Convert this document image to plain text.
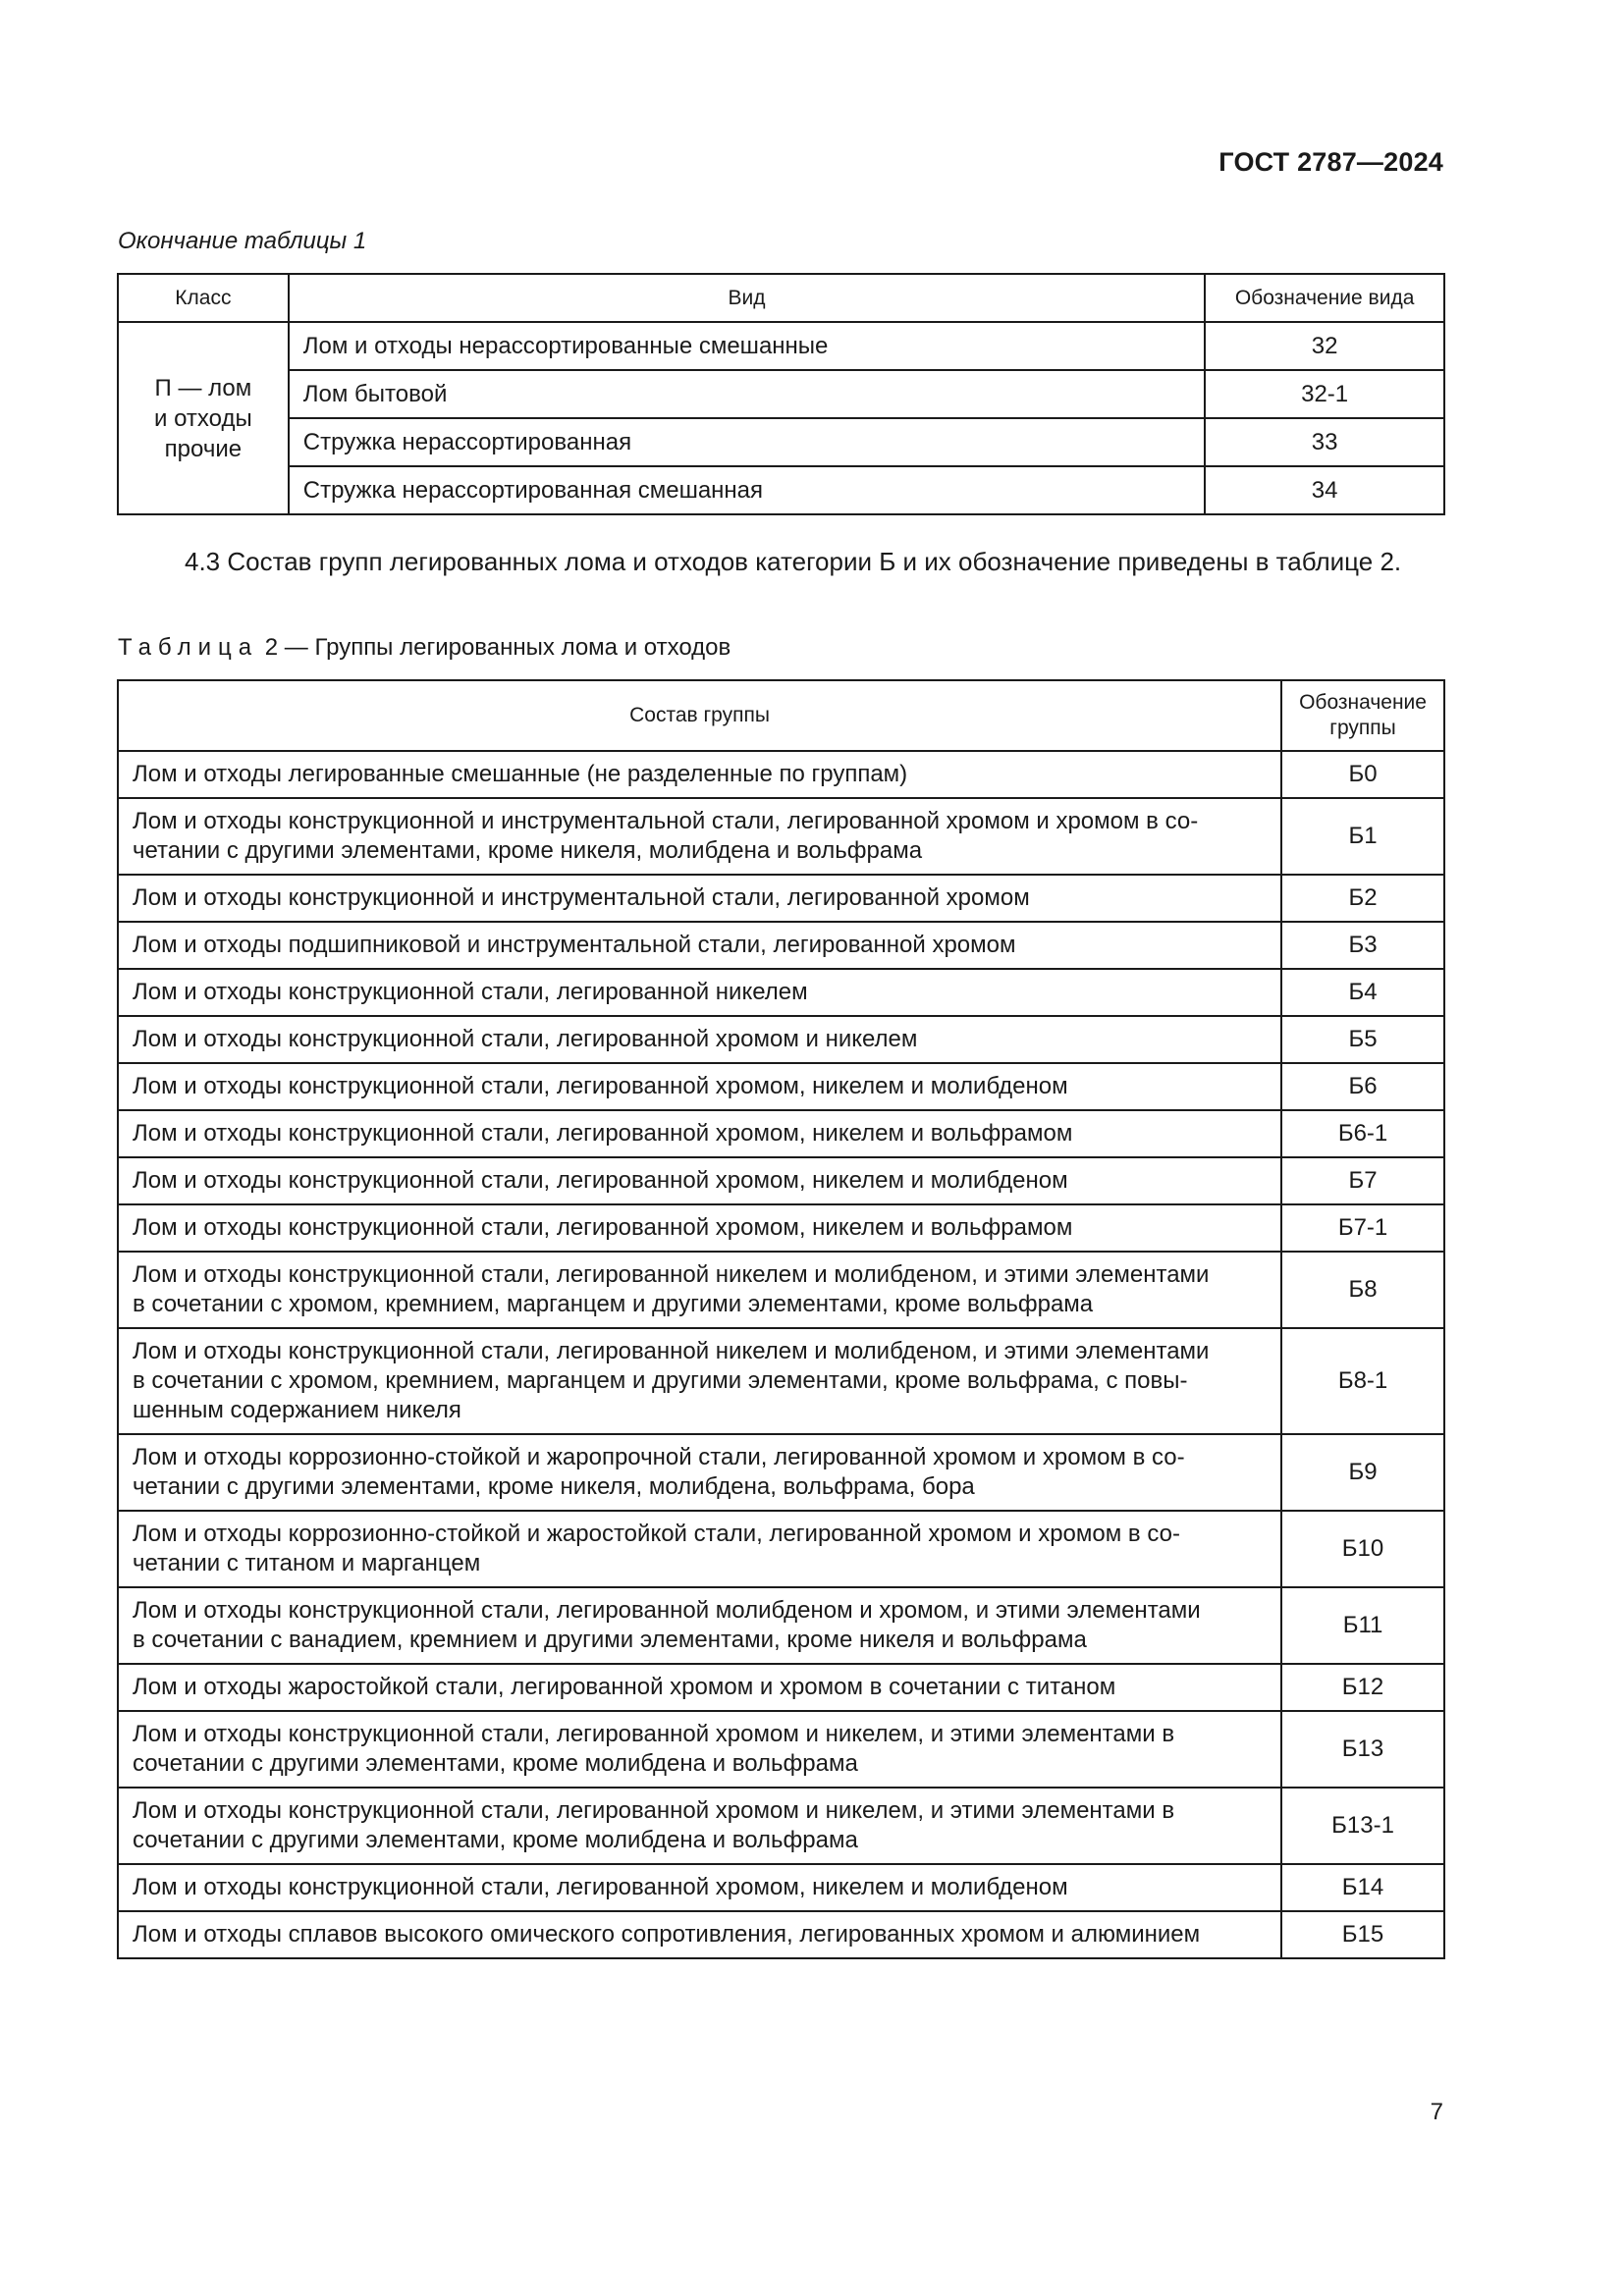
ГОСТ 2787—2024
Окончание таблицы 1
Класс	Вид	Обозначение вида
П — лом
и отходы
прочие	Лом и отходы нерассортированные смешанные	32
	Лом бытовой	32-1
	Стружка нерассортированная	33
	Стружка нерассортированная смешанная	34
4.3 Состав групп легированных лома и отходов категории Б и их обозначение приведены в таблице 2.
Таблица 2 — Группы легированных лома и отходов
Состав группы	Обозначение
группы

Лом и отходы легированные смешанные (не разделенные по группам)	Б0

Лом и отходы конструкционной и инструментальной стали, легированной хромом и хромом в со-
четании с другими элементами, кроме никеля, молибдена и вольфрама	Б1

Лом и отходы конструкционной и инструментальной стали, легированной хромом	Б2

Лом и отходы подшипниковой и инструментальной стали, легированной хромом	Б3

Лом и отходы конструкционной стали, легированной никелем	Б4

Лом и отходы конструкционной стали, легированной хромом и никелем	Б5

Лом и отходы конструкционной стали, легированной хромом, никелем и молибденом	Б6

Лом и отходы конструкционной стали, легированной хромом, никелем и вольфрамом	Б6-1

Лом и отходы конструкционной стали, легированной хромом, никелем и молибденом	Б7

Лом и отходы конструкционной стали, легированной хромом, никелем и вольфрамом	Б7-1

Лом и отходы конструкционной стали, легированной никелем и молибденом, и этими элементами
в сочетании с хромом, кремнием, марганцем и другими элементами, кроме вольфрама	Б8

Лом и отходы конструкционной стали, легированной никелем и молибденом, и этими элементами
в сочетании с хромом, кремнием, марганцем и другими элементами, кроме вольфрама, с повы-
шенным содержанием никеля	Б8-1

Лом и отходы коррозионно-стойкой и жаропрочной стали, легированной хромом и хромом в со-
четании с другими элементами, кроме никеля, молибдена, вольфрама, бора	Б9

Лом и отходы коррозионно-стойкой и жаростойкой стали, легированной хромом и хромом в со-
четании с титаном и марганцем	Б10

Лом и отходы конструкционной стали, легированной молибденом и хромом, и этими элементами
в сочетании с ванадием, кремнием и другими элементами, кроме никеля и вольфрама	Б11

Лом и отходы жаростойкой стали, легированной хромом и хромом в сочетании с титаном	Б12

Лом и отходы конструкционной стали, легированной хромом и никелем, и этими элементами в
сочетании с другими элементами, кроме молибдена и вольфрама	Б13

Лом и отходы конструкционной стали, легированной хромом и никелем, и этими элементами в
сочетании с другими элементами, кроме молибдена и вольфрама	Б13-1

Лом и отходы конструкционной стали, легированной хромом, никелем и молибденом	Б14

Лом и отходы сплавов высокого омического сопротивления, легированных хромом и алюминием	Б15
7
